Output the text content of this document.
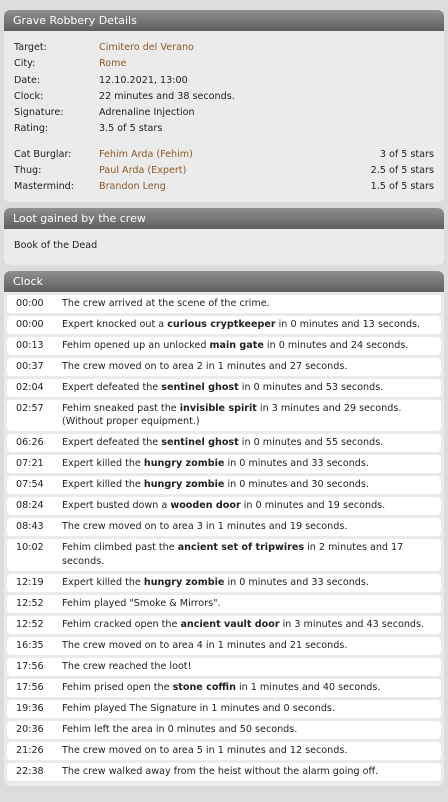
Grave Robbery Details
Target:	Cimitero del Verano
City:	Rome
Date:	12.10.2021, 13:00
Clock:	22 minutes and 38 seconds.
Signature:	Adrenaline Injection
Rating:	3.5 of 5 stars
Cat Burglar:	Fehim Arda (Fehim)	3 of 5 stars
Thug:	Paul Arda (Expert)	2.5 of 5 stars
Mastermind:	Brandon Leng	1.5 of 5 stars
Loot gained by the crew
Book of the Dead
Clock
00:00	The crew arrived at the scene of the crime.
00:00	Expert knocked out a curious cryptkeeper in 0 minutes and 13 seconds.
00:13	Fehim opened up an unlocked main gate in 0 minutes and 24 seconds.
00:37	The crew moved on to area 2 in 1 minutes and 27 seconds.
02:04	Expert defeated the sentinel ghost in 0 minutes and 53 seconds.
02:57	Fehim sneaked past the invisible spirit in 3 minutes and 29 seconds. (Without proper equipment.)
06:26	Expert defeated the sentinel ghost in 0 minutes and 55 seconds.
07:21	Expert killed the hungry zombie in 0 minutes and 33 seconds.
07:54	Expert killed the hungry zombie in 0 minutes and 30 seconds.
08:24	Expert busted down a wooden door in 0 minutes and 19 seconds.
08:43	The crew moved on to area 3 in 1 minutes and 19 seconds.
10:02	Fehim climbed past the ancient set of tripwires in 2 minutes and 17 seconds.
12:19	Expert killed the hungry zombie in 0 minutes and 33 seconds.
12:52	Fehim played "Smoke & Mirrors".
12:52	Fehim cracked open the ancient vault door in 3 minutes and 43 seconds.
16:35	The crew moved on to area 4 in 1 minutes and 21 seconds.
17:56	The crew reached the loot!
17:56	Fehim prised open the stone coffin in 1 minutes and 40 seconds.
19:36	Fehim played The Signature in 1 minutes and 0 seconds.
20:36	Fehim left the area in 0 minutes and 50 seconds.
21:26	The crew moved on to area 5 in 1 minutes and 12 seconds.
22:38	The crew walked away from the heist without the alarm going off.
